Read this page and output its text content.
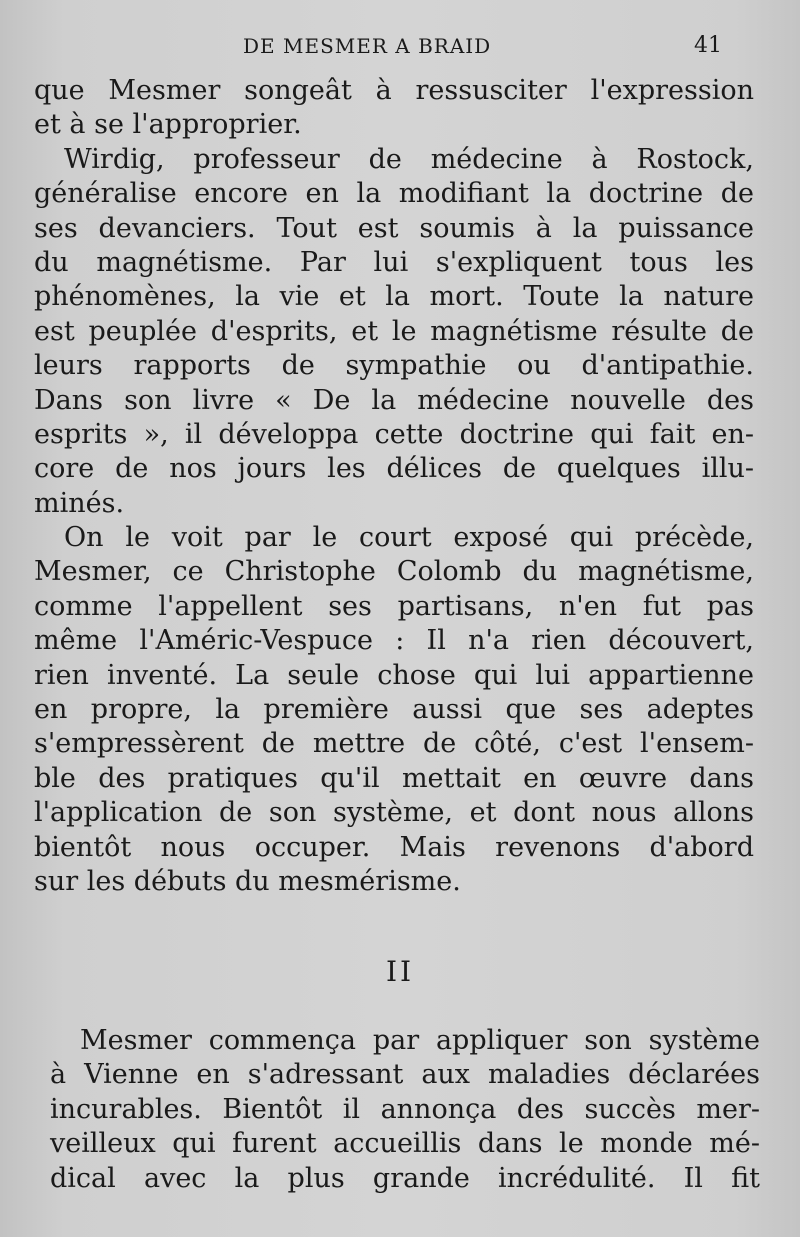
DE MESMER A BRAID	41
que Mesmer songeât à ressusciter l'expression
et à se l'approprier.
Wirdig, professeur de médecine à Rostock,
généralise encore en la modifiant la doctrine de
ses devanciers. Tout est soumis à la puissance
du magnétisme. Par lui s'expliquent tous les
phénomènes, la vie et la mort. Toute la nature
est peuplée d'esprits, et le magnétisme résulte de
leurs rapports de sympathie ou d'antipathie.
Dans son livre « De la médecine nouvelle des
esprits », il développa cette doctrine qui fait en-
core de nos jours les délices de quelques illu-
minés.
On le voit par le court exposé qui précède,
Mesmer, ce Christophe Colomb du magnétisme,
comme l'appellent ses partisans, n'en fut pas
même l'Améric-Vespuce : Il n'a rien découvert,
rien inventé. La seule chose qui lui appartienne
en propre, la première aussi que ses adeptes
s'empressèrent de mettre de côté, c'est l'ensem-
ble des pratiques qu'il mettait en œuvre dans
l'application de son système, et dont nous allons
bientôt nous occuper. Mais revenons d'abord
sur les débuts du mesmérisme.
II
Mesmer commença par appliquer son système
à Vienne en s'adressant aux maladies déclarées
incurables. Bientôt il annonça des succès mer-
veilleux qui furent accueillis dans le monde mé-
dical avec la plus grande incrédulité. Il fit
